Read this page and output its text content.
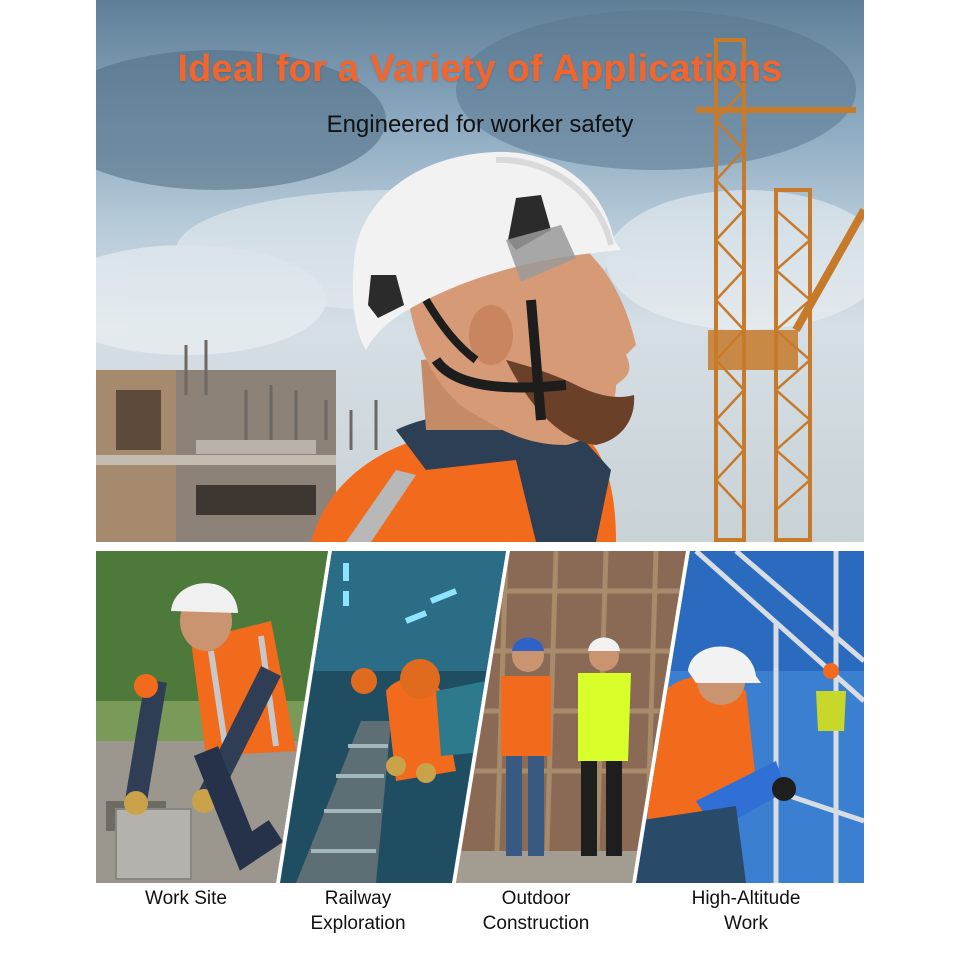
Ideal for a Variety of Applications
Engineered for worker safety
Work Site	Railway
Exploration
Outdoor
Construction
High-Altitude
Work
